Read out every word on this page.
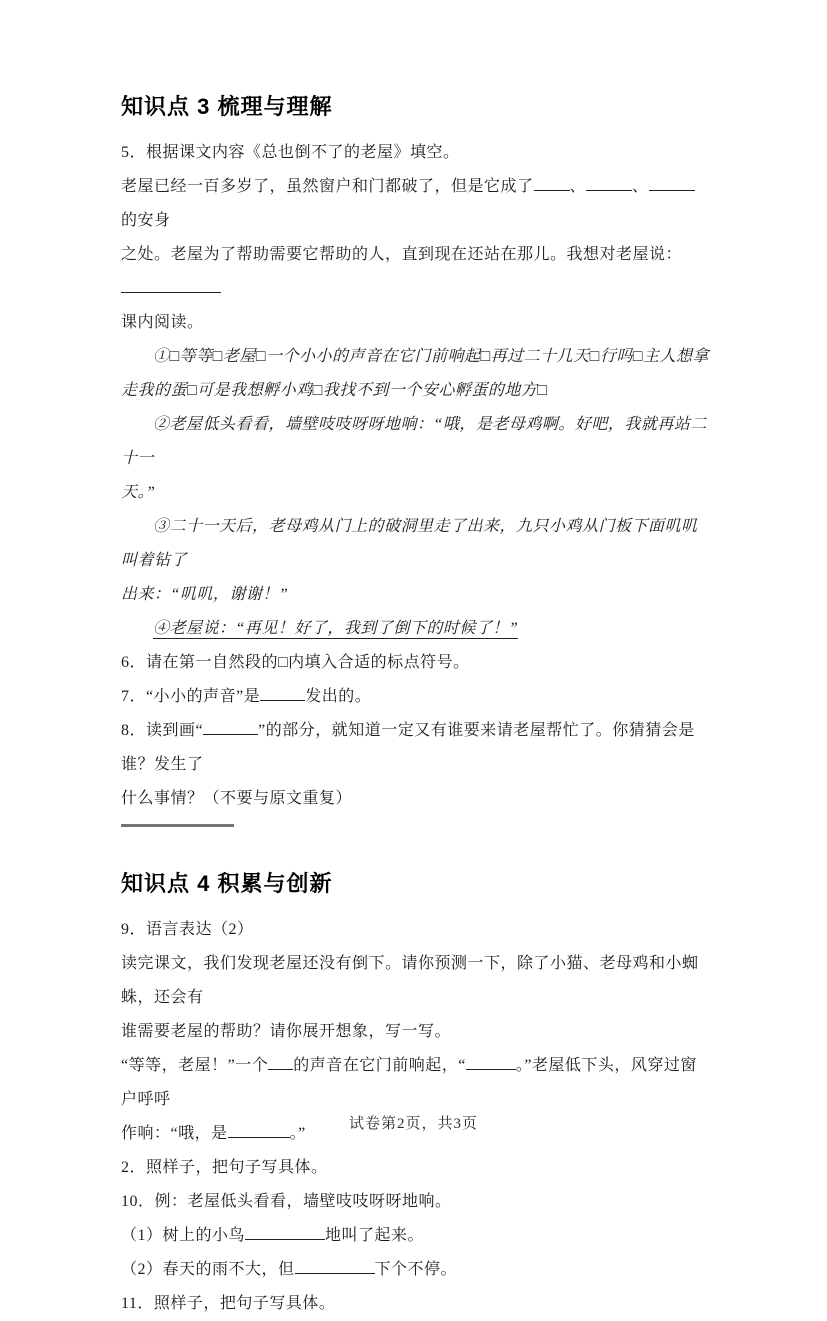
知识点 3 梳理与理解

5．根据课文内容《总也倒不了的老屋》填空。

老屋已经一百多岁了，虽然窗户和门都破了，但是它成了 、	、的安身

之处。老屋为了帮助需要它帮助的人，直到现在还站在那儿。我想对老屋说：

课内阅读。

①□等等□老屋□一个小小的声音在它门前响起□再过二十几天□行吗□主人想拿

走我的蛋□可是我想孵小鸡□我找不到一个安心孵蛋的地方□

②老屋低头看看，墙壁吱吱呀呀地响：“哦，是老母鸡啊。好吧，我就再站二十一

天。”

③二十一天后，老母鸡从门上的破洞里走了出来，九只小鸡从门板下面叽叽叫着钻了

出来：“叽叽，谢谢！”

④老屋说：“再见！好了，我到了倒下的时候了！”

6．请在第一自然段的□内填入合适的标点符号。

7．“小小的声音”是	发出的。

8．读到画“	”的部分，就知道一定又有谁要来请老屋帮忙了。你猜猜会是谁？发生了

什么事情？（不要与原文重复）

知识点 4 积累与创新

9．语言表达（2）

读完课文，我们发现老屋还没有倒下。请你预测一下，除了小猫、老母鸡和小蜘蛛，还会有

谁需要老屋的帮助？请你展开想象，写一写。

“等等，老屋！”一个 的声音在它门前响起，“	。”老屋低下头，风穿过窗户呼呼

作响：“哦，是	。”

2．照样子，把句子写具体。

10．例：老屋低头看看，墙壁吱吱呀呀地响。

（1）树上的小鸟	地叫了起来。

（2）春天的雨不大，但	下个不停。

11．照样子，把句子写具体。

试卷第2页，共3页
